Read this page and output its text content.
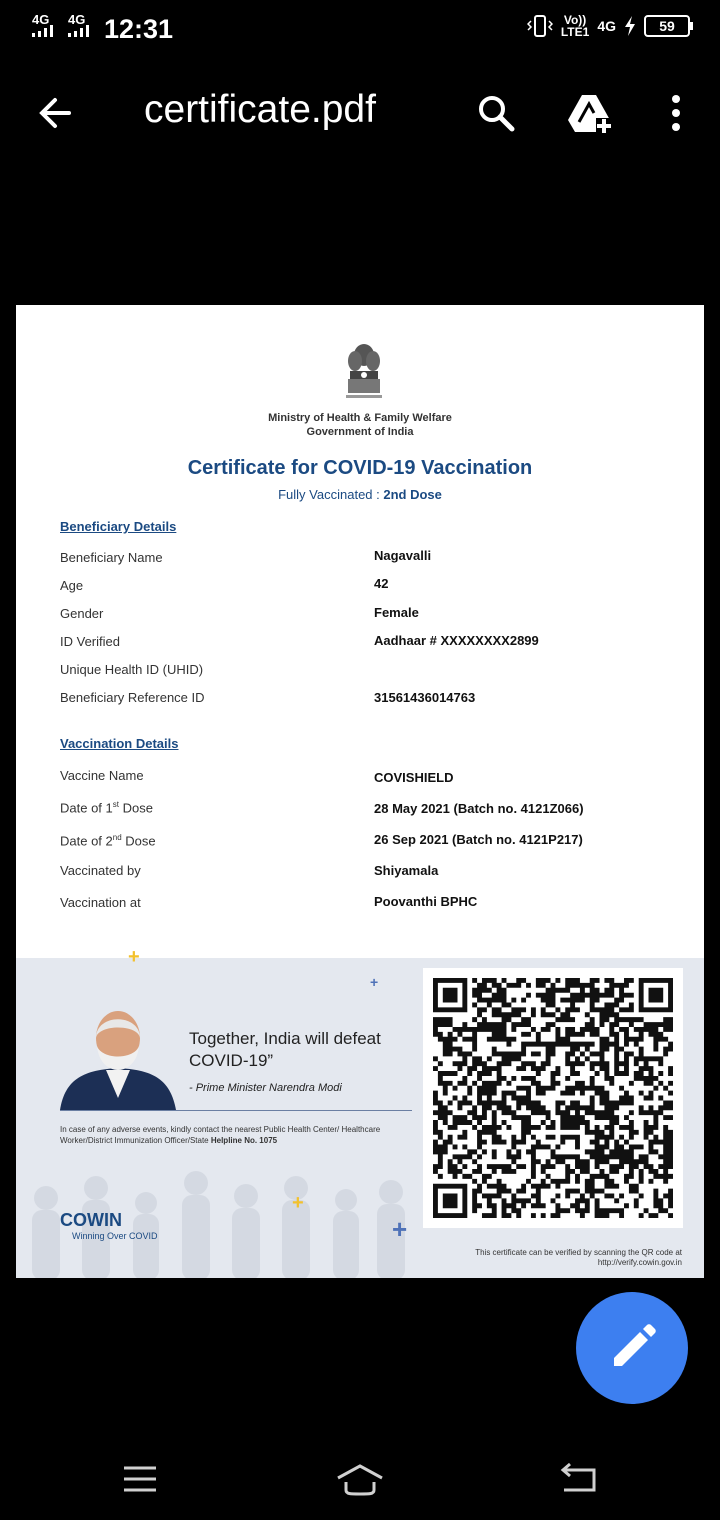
4G	4G 12:31	Vo))
LTE1 4G	59
certificate.pdf
Ministry of Health & Family Welfare
Government of India
Certificate for COVID-19 Vaccination
Fully Vaccinated : 2nd Dose
Beneficiary Details
Beneficiary Name	Nagavalli
Age	42
Gender	Female
ID Verified	Aadhaar # XXXXXXXX2899
Unique Health ID (UHID)
Beneficiary Reference ID	31561436014763
Vaccination Details
Vaccine Name	COVISHIELD
Date of 1st Dose	28 May 2021 (Batch no. 4121Z066)
Date of 2nd Dose	26 Sep 2021 (Batch no. 4121P217)
Vaccinated by	Shiyamala
Vaccination at	Poovanthi BPHC
+
+
+
+
Together, India will defeat
COVID-19”
- Prime Minister Narendra Modi
In case of any adverse events, kindly contact the nearest Public Health Center/ Healthcare Worker/District Immunization Officer/State Helpline No. 1075
COWIN
Winning Over COVID
This certificate can be verified by scanning the QR code at
http://verify.cowin.gov.in
